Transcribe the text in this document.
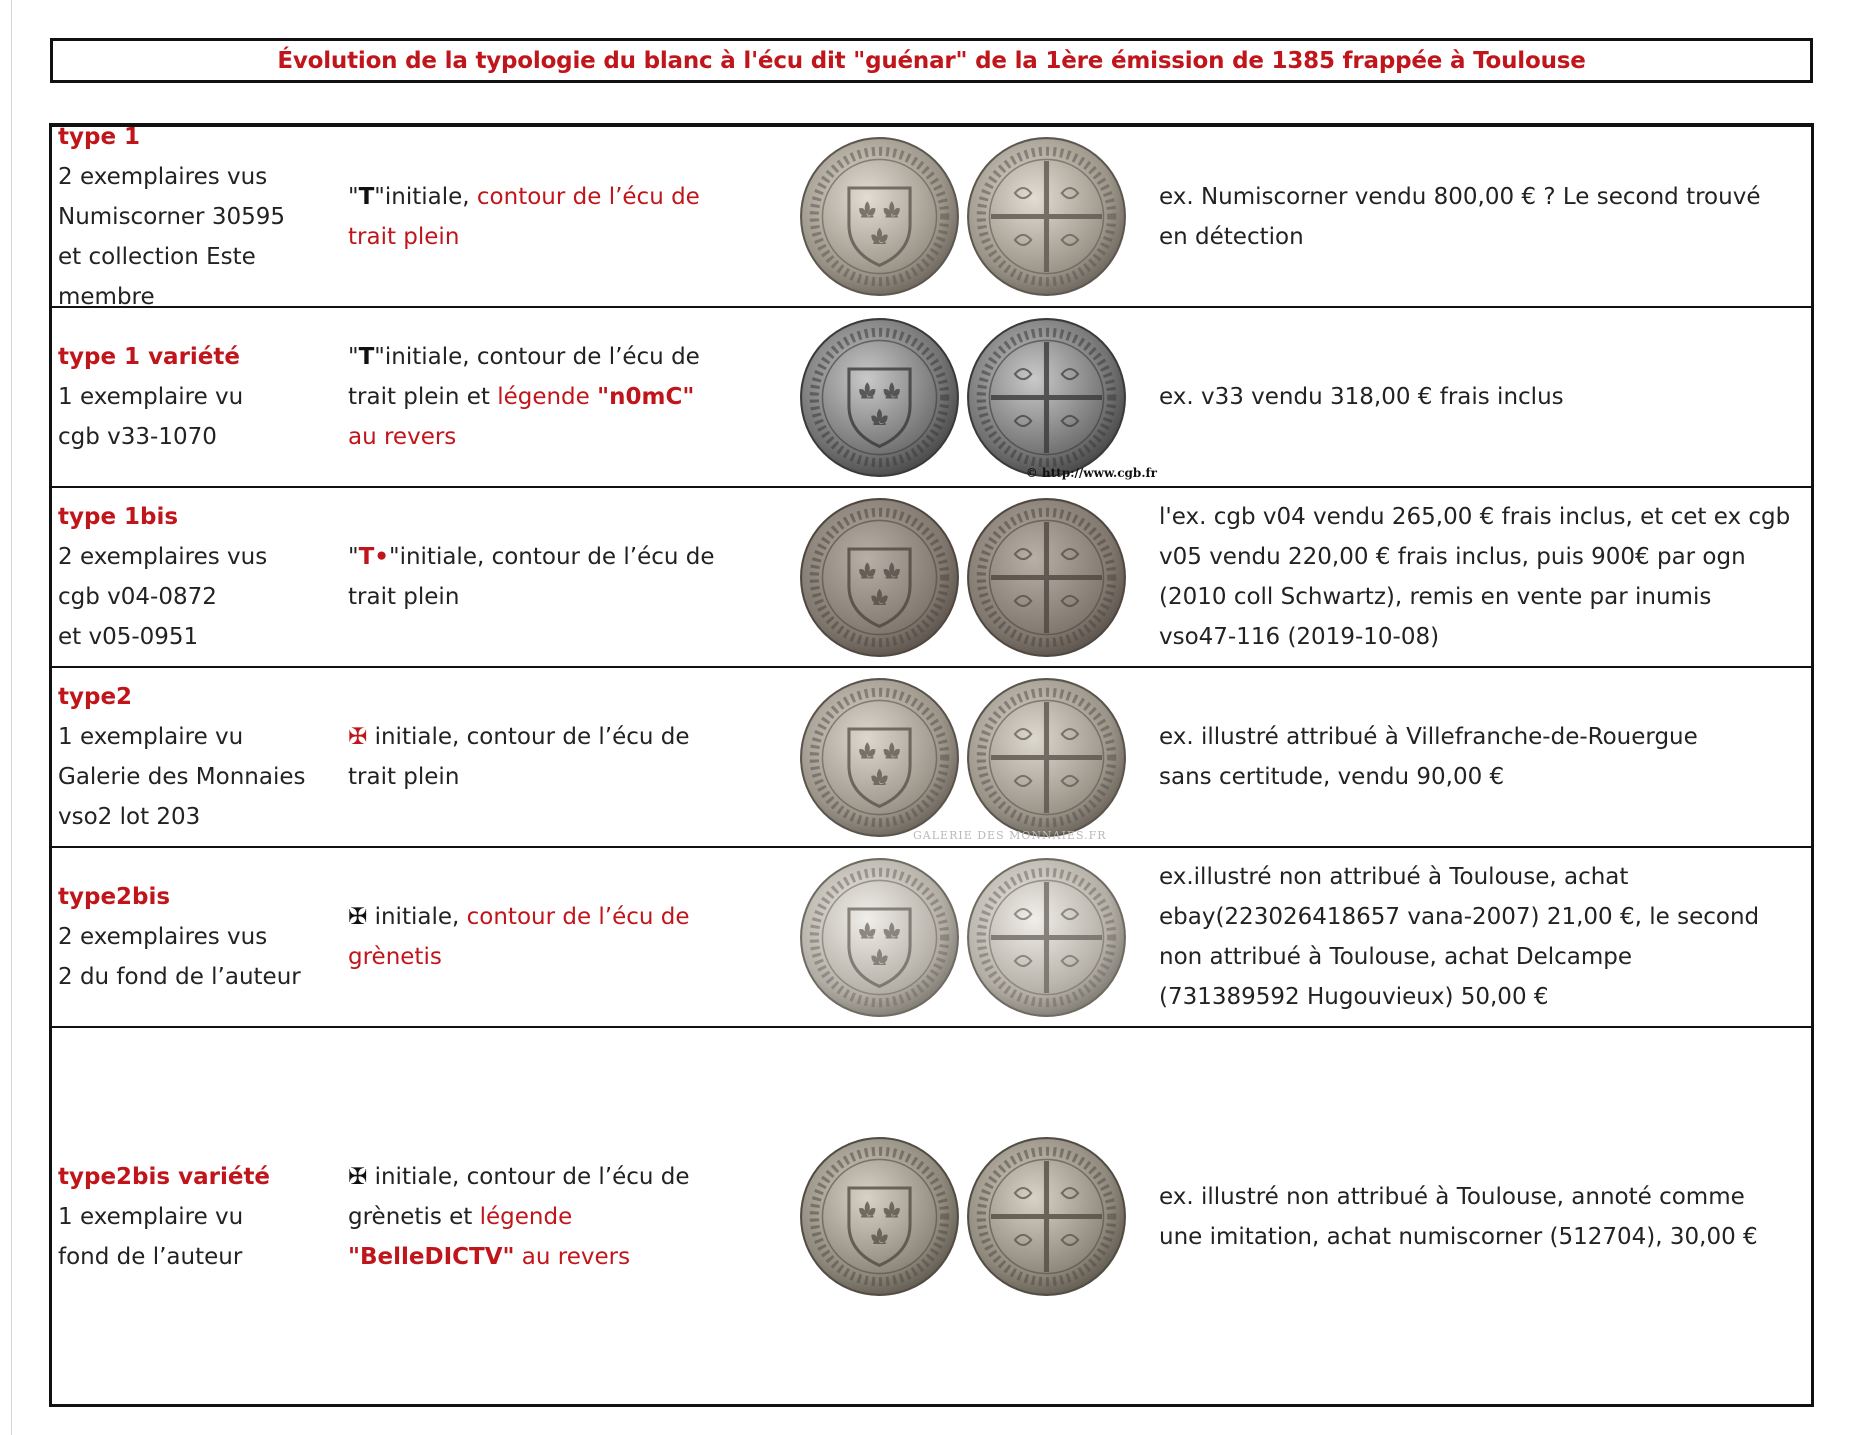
Évolution de la typologie du blanc à l'écu dit "guénar" de la 1ère émission de 1385 frappée à Toulouse
type 1
2 exemplaires vus
Numiscorner 30595
et collection Este
membre
"T"initiale, contour de l’écu de
trait plein
ex. Numiscorner vendu 800,00 € ? Le second trouvé
en détection
type 1 variété
1 exemplaire vu
cgb v33-1070
"T"initiale, contour de l’écu de
trait plein et légende "n0mC"
au revers
© http://www.cgb.fr
ex. v33 vendu 318,00 € frais inclus
type 1bis
2 exemplaires vus
cgb v04-0872
et v05-0951
"T•"initiale, contour de l’écu de
trait plein
l'ex. cgb v04 vendu 265,00 € frais inclus, et cet ex cgb
v05 vendu 220,00 € frais inclus, puis 900€ par ogn
(2010 coll Schwartz), remis en vente par inumis
vso47-116 (2019-10-08)
type2
1 exemplaire vu
Galerie des Monnaies
vso2 lot 203
✠ initiale, contour de l’écu de
trait plein
GALERIE DES MONNAIES.FR
ex. illustré attribué à Villefranche-de-Rouergue
sans certitude, vendu 90,00 €
type2bis
2 exemplaires vus
2 du fond de l’auteur
✠ initiale, contour de l’écu de
grènetis
ex.illustré non attribué à Toulouse, achat
ebay(223026418657 vana-2007) 21,00 €, le second
non attribué à Toulouse, achat Delcampe
(731389592 Hugouvieux) 50,00 €
type2bis variété
1 exemplaire vu
fond de l’auteur
✠ initiale, contour de l’écu de
grènetis et légende
"BelleDICTV" au revers
ex. illustré non attribué à Toulouse, annoté comme
une imitation, achat numiscorner (512704), 30,00 €
